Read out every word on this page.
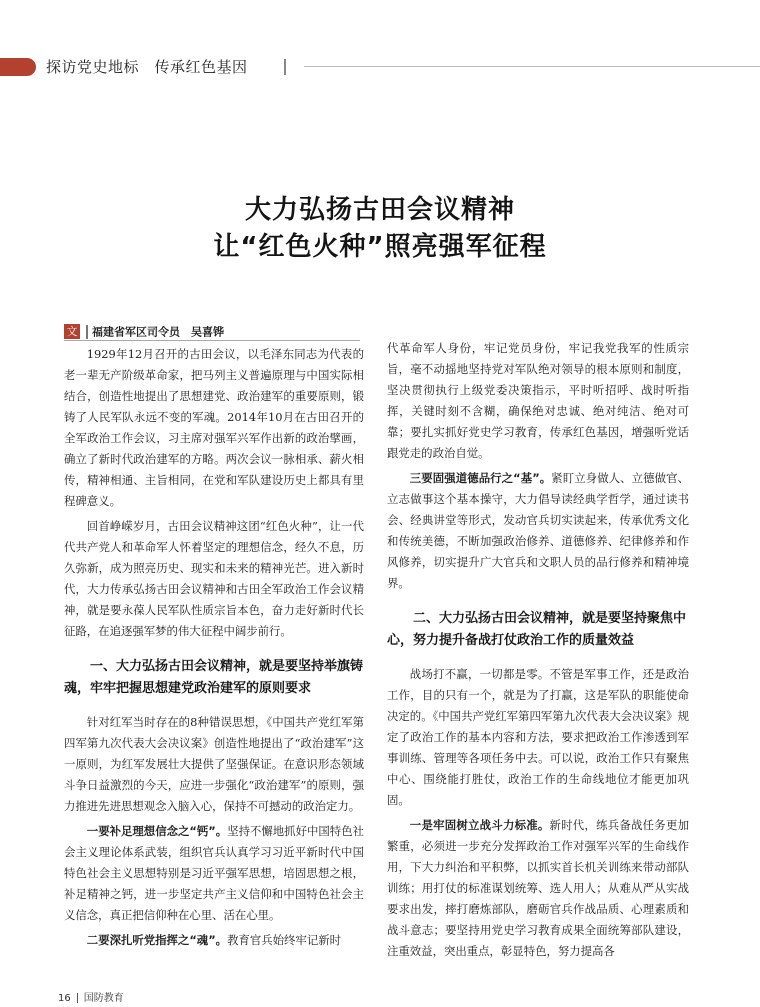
探访党史地标　传承红色基因
大力弘扬古田会议精神
让“红色火种”照亮强军征程
文 福建省军区司令员　吴喜铧

1929年12月召开的古田会议，以毛泽东同志为代表的老一辈无产阶级革命家，把马列主义普遍原理与中国实际相结合，创造性地提出了思想建党、政治建军的重要原则，锻铸了人民军队永远不变的军魂。2014年10月在古田召开的全军政治工作会议，习主席对强军兴军作出新的政治擘画，确立了新时代政治建军的方略。两次会议一脉相承、薪火相传，精神相通、主旨相同，在党和军队建设历史上都具有里程碑意义。

回首峥嵘岁月，古田会议精神这团“红色火种”，让一代代共产党人和革命军人怀着坚定的理想信念，经久不息，历久弥新，成为照亮历史、现实和未来的精神光芒。进入新时代，大力传承弘扬古田会议精神和古田全军政治工作会议精神，就是要永葆人民军队性质宗旨本色，奋力走好新时代长征路，在追逐强军梦的伟大征程中阔步前行。

一、大力弘扬古田会议精神，就是要坚持举旗铸魂，牢牢把握思想建党政治建军的原则要求

针对红军当时存在的8种错误思想，《中国共产党红军第四军第九次代表大会决议案》创造性地提出了“政治建军”这一原则，为红军发展壮大提供了坚强保证。在意识形态领域斗争日益激烈的今天，应进一步强化“政治建军”的原则，强力推进先进思想观念入脑入心，保持不可撼动的政治定力。

一要补足理想信念之“钙”。坚持不懈地抓好中国特色社会主义理论体系武装，组织官兵认真学习习近平新时代中国特色社会主义思想特别是习近平强军思想，培固思想之根，补足精神之钙，进一步坚定共产主义信仰和中国特色社会主义信念，真正把信仰种在心里、活在心里。

二要深扎听党指挥之“魂”。教育官兵始终牢记新时

代革命军人身份，牢记党员身份，牢记我党我军的性质宗旨，毫不动摇地坚持党对军队绝对领导的根本原则和制度，坚决贯彻执行上级党委决策指示，平时听招呼、战时听指挥，关键时刻不含糊，确保绝对忠诚、绝对纯洁、绝对可靠；要扎实抓好党史学习教育，传承红色基因，增强听党话跟党走的政治自觉。

三要固强道德品行之“基”。紧盯立身做人、立德做官、立志做事这个基本操守，大力倡导读经典学哲学，通过读书会、经典讲堂等形式，发动官兵切实读起来，传承优秀文化和传统美德，不断加强政治修养、道德修养、纪律修养和作风修养，切实提升广大官兵和文职人员的品行修养和精神境界。

二、大力弘扬古田会议精神，就是要坚持聚焦中心，努力提升备战打仗政治工作的质量效益

战场打不赢，一切都是零。不管是军事工作，还是政治工作，目的只有一个，就是为了打赢，这是军队的职能使命决定的。《中国共产党红军第四军第九次代表大会决议案》规定了政治工作的基本内容和方法，要求把政治工作渗透到军事训练、管理等各项任务中去。可以说，政治工作只有聚焦中心、围绕能打胜仗，政治工作的生命线地位才能更加巩固。

一是牢固树立战斗力标准。新时代，练兵备战任务更加繁重，必须进一步充分发挥政治工作对强军兴军的生命线作用，下大力纠治和平积弊，以抓实首长机关训练来带动部队训练；用打仗的标准谋划统筹、选人用人；从难从严从实战要求出发，摔打磨炼部队，磨砺官兵作战品质、心理素质和战斗意志；要坚持用党史学习教育成果全面统筹部队建设，注重效益，突出重点，彰显特色，努力提高各

16 国防教育
